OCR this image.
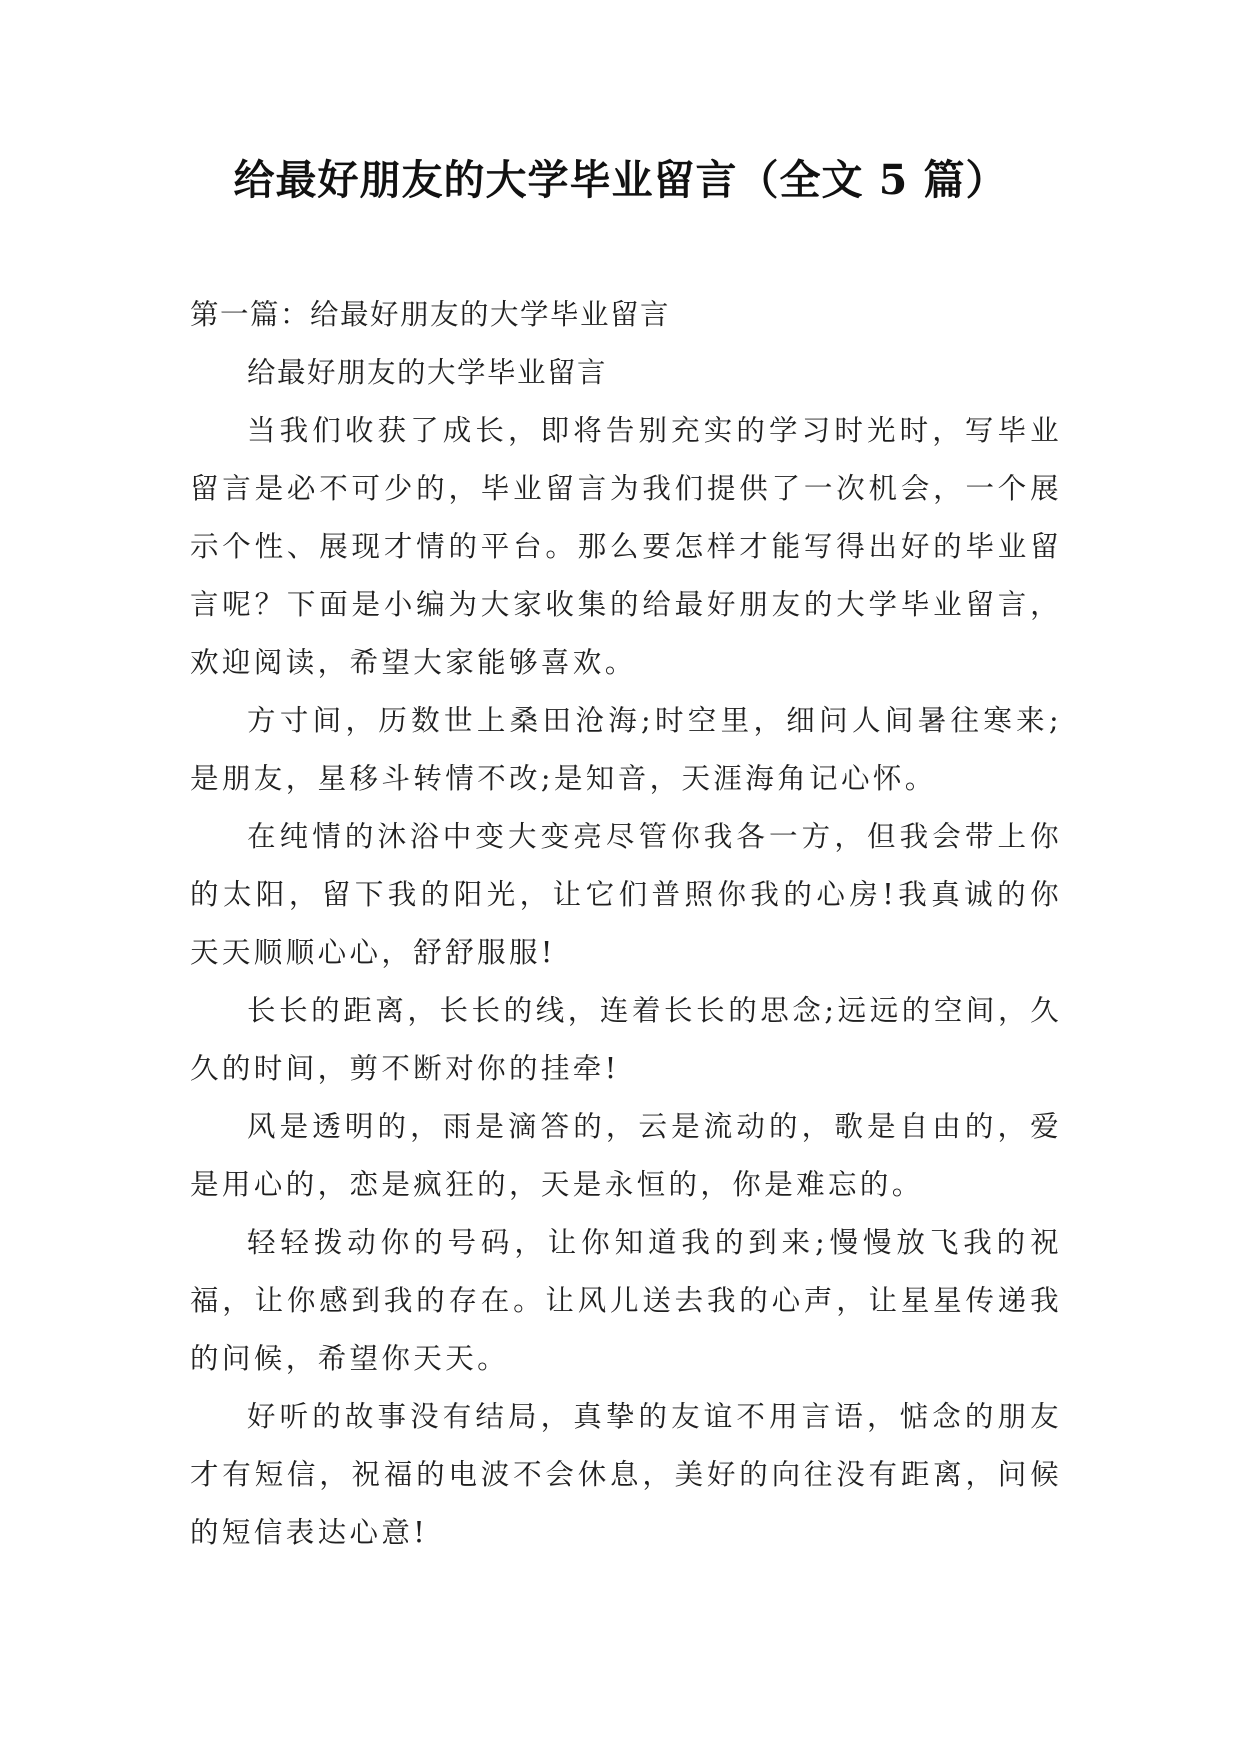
给最好朋友的大学毕业留言（全文 5 篇）

第一篇：给最好朋友的大学毕业留言

给最好朋友的大学毕业留言

当我们收获了成长，即将告别充实的学习时光时，写毕业留言是必不可少的，毕业留言为我们提供了一次机会，一个展示个性、展现才情的平台。那么要怎样才能写得出好的毕业留言呢？下面是小编为大家收集的给最好朋友的大学毕业留言，欢迎阅读，希望大家能够喜欢。

方寸间，历数世上桑田沧海;时空里，细问人间暑往寒来;是朋友，星移斗转情不改;是知音，天涯海角记心怀。

在纯情的沐浴中变大变亮尽管你我各一方，但我会带上你的太阳，留下我的阳光，让它们普照你我的心房!我真诚的你天天顺顺心心，舒舒服服!

长长的距离，长长的线，连着长长的思念;远远的空间，久久的时间，剪不断对你的挂牵!

风是透明的，雨是滴答的，云是流动的，歌是自由的，爱是用心的，恋是疯狂的，天是永恒的，你是难忘的。

轻轻拨动你的号码，让你知道我的到来;慢慢放飞我的祝福，让你感到我的存在。让风儿送去我的心声，让星星传递我的问候，希望你天天。

好听的故事没有结局，真挚的友谊不用言语，惦念的朋友才有短信，祝福的电波不会休息，美好的向往没有距离，问候的短信表达心意!
